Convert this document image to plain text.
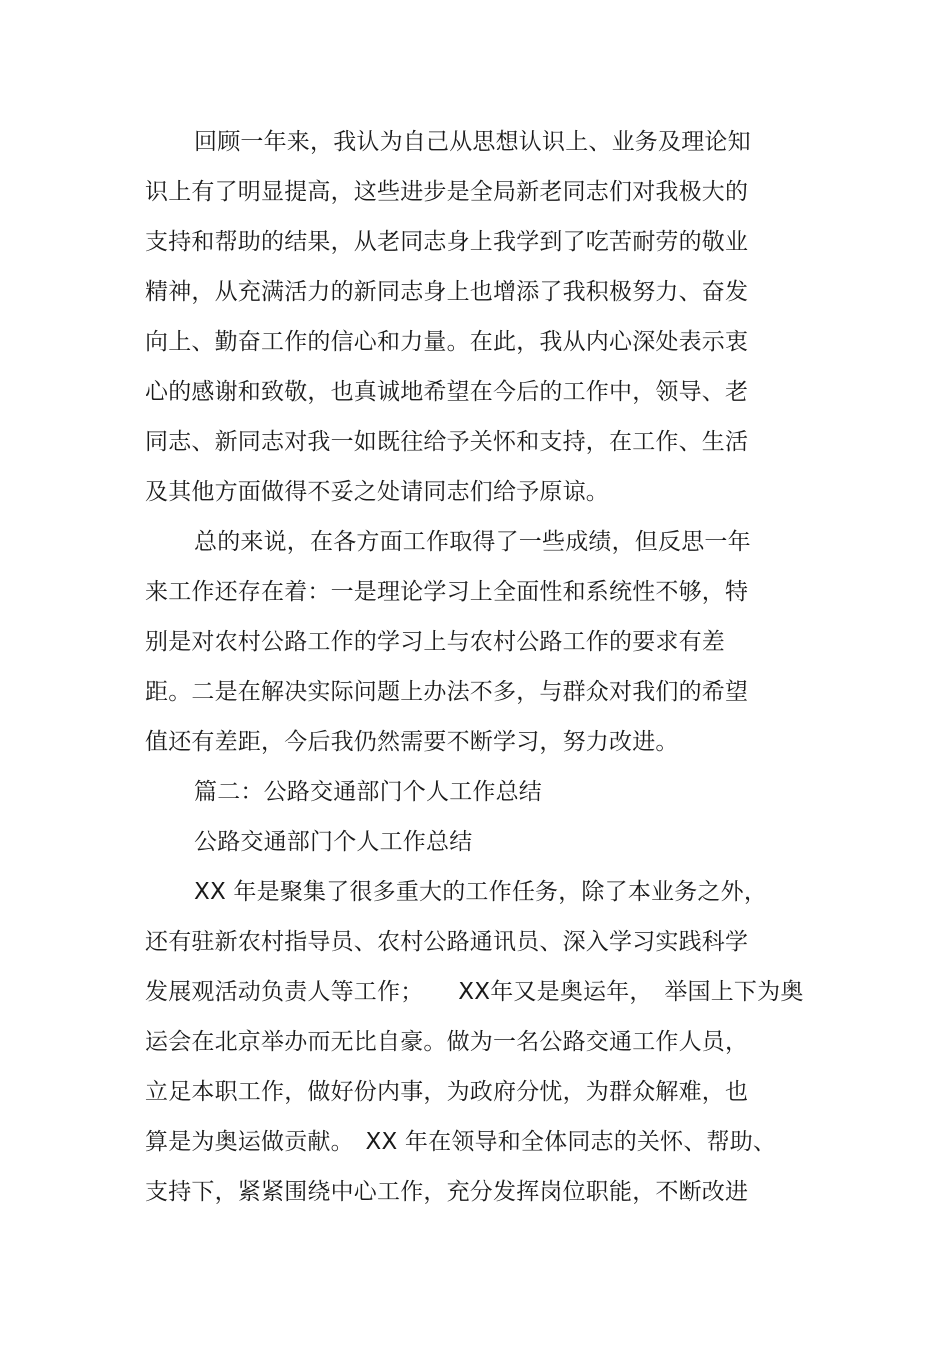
回顾一年来，我认为自己从思想认识上、业务及理论知
识上有了明显提高，这些进步是全局新老同志们对我极大的
支持和帮助的结果，从老同志身上我学到了吃苦耐劳的敬业
精神，从充满活力的新同志身上也增添了我积极努力、奋发
向上、勤奋工作的信心和力量。在此，我从内心深处表示衷
心的感谢和致敬，也真诚地希望在今后的工作中，领导、老
同志、新同志对我一如既往给予关怀和支持，在工作、生活
及其他方面做得不妥之处请同志们给予原谅。
总的来说，在各方面工作取得了一些成绩，但反思一年
来工作还存在着：一是理论学习上全面性和系统性不够，特
别是对农村公路工作的学习上与农村公路工作的要求有差
距。二是在解决实际问题上办法不多，与群众对我们的希望
值还有差距，今后我仍然需要不断学习，努力改进。
篇二：公路交通部门个人工作总结
公路交通部门个人工作总结
XX 年是聚集了很多重大的工作任务，除了本业务之外，
还有驻新农村指导员、农村公路通讯员、深入学习实践科学
发展观活动负责人等工作；　　XX年又是奥运年，　举国上下为奥
运会在北京举办而无比自豪。做为一名公路交通工作人员，
立足本职工作，做好份内事，为政府分忧，为群众解难，也
算是为奥运做贡献。　XX 年在领导和全体同志的关怀、帮助、
支持下，紧紧围绕中心工作，充分发挥岗位职能，不断改进
